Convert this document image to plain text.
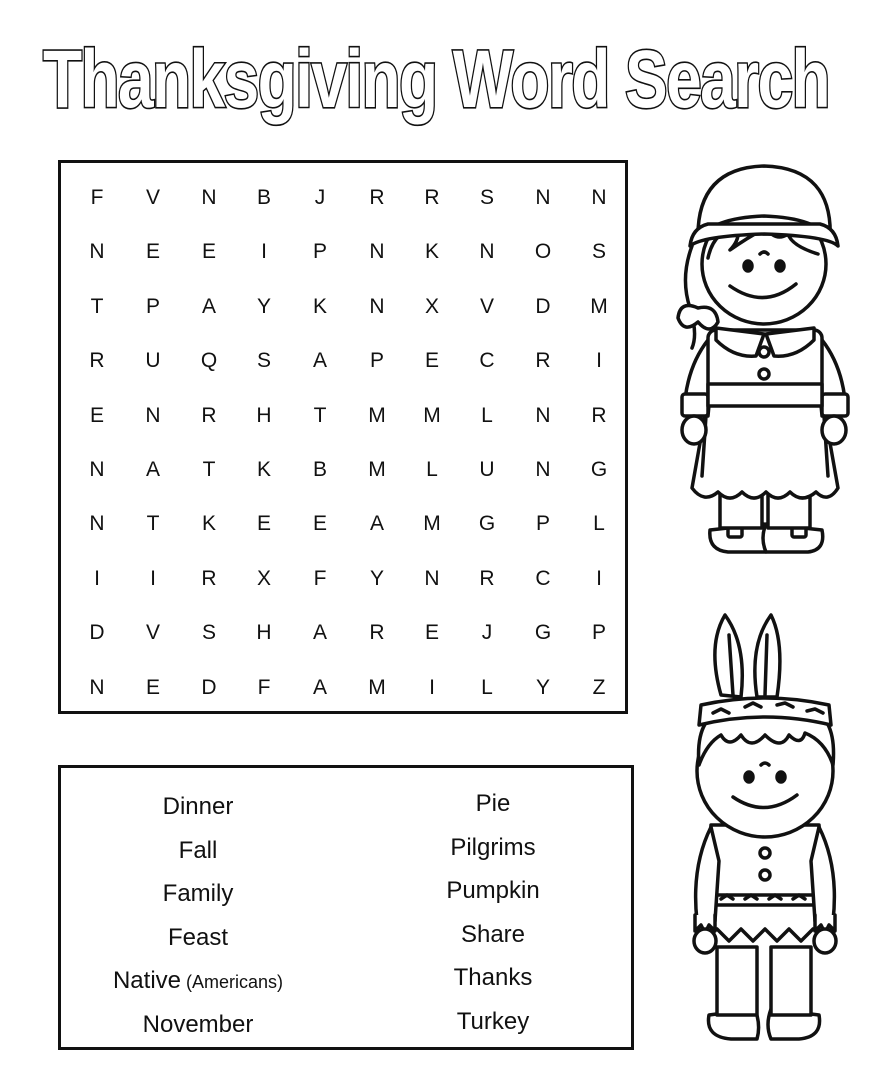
Thanksgiving Word Search
F	V	N	B	J	R	R	S	N	N
N	E	E	I	P	N	K	N	O	S
T	P	A	Y	K	N	X	V	D	M
R	U	Q	S	A	P	E	C	R	I
E	N	R	H	T	M	M	L	N	R
N	A	T	K	B	M	L	U	N	G
N	T	K	E	E	A	M	G	P	L
I	I	R	X	F	Y	N	R	C	I
D	V	S	H	A	R	E	J	G	P
N	E	D	F	A	M	I	L	Y	Z
Dinner
Fall
Family
Feast
Native (Americans)
November
Pie
Pilgrims
Pumpkin
Share
Thanks
Turkey
